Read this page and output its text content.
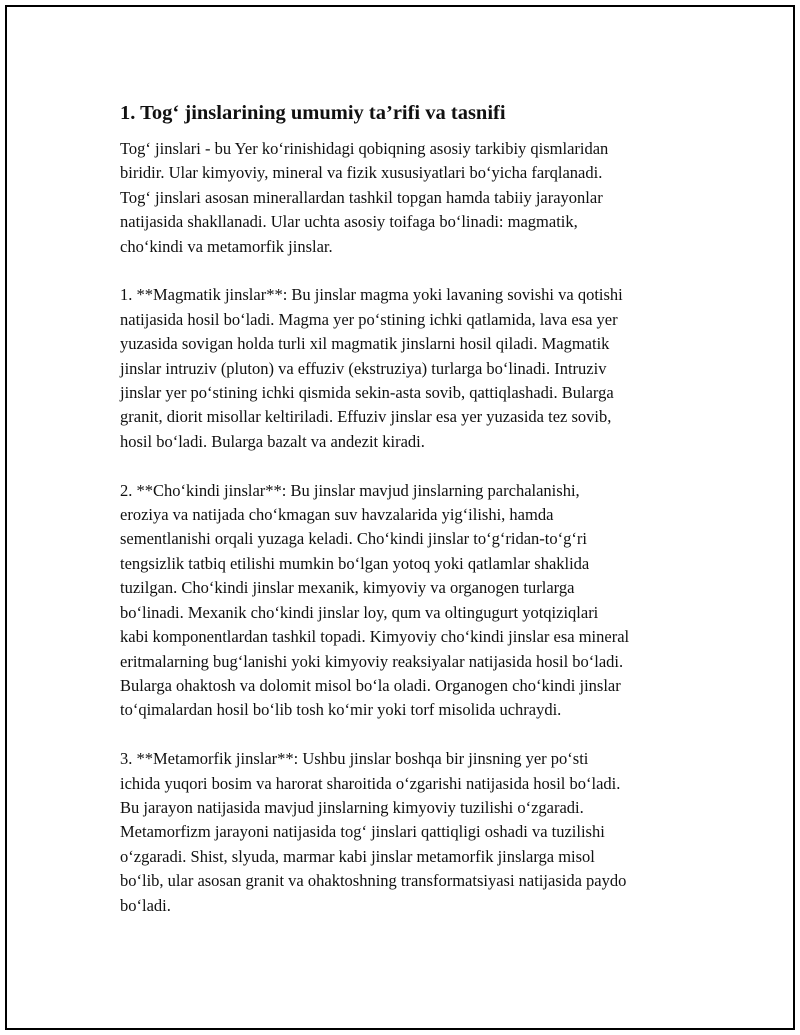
1. Tog‘ jinslarining umumiy ta’rifi va tasnifi

Tog‘ jinslari - bu Yer ko‘rinishidagi qobiqning asosiy tarkibiy qismlaridan
biridir. Ular kimyoviy, mineral va fizik xususiyatlari bo‘yicha farqlanadi.
Tog‘ jinslari asosan minerallardan tashkil topgan hamda tabiiy jarayonlar
natijasida shakllanadi. Ular uchta asosiy toifaga bo‘linadi: magmatik,
cho‘kindi va metamorfik jinslar.

1. **Magmatik jinslar**: Bu jinslar magma yoki lavaning sovishi va qotishi
natijasida hosil bo‘ladi. Magma yer po‘stining ichki qatlamida, lava esa yer
yuzasida sovigan holda turli xil magmatik jinslarni hosil qiladi. Magmatik
jinslar intruziv (pluton) va effuziv (ekstruziya) turlarga bo‘linadi. Intruziv
jinslar yer po‘stining ichki qismida sekin-asta sovib, qattiqlashadi. Bularga
granit, diorit misollar keltiriladi. Effuziv jinslar esa yer yuzasida tez sovib,
hosil bo‘ladi. Bularga bazalt va andezit kiradi.

2. **Cho‘kindi jinslar**: Bu jinslar mavjud jinslarning parchalanishi,
eroziya va natijada cho‘kmagan suv havzalarida yig‘ilishi, hamda
sementlanishi orqali yuzaga keladi. Cho‘kindi jinslar to‘g‘ridan-to‘g‘ri
tengsizlik tatbiq etilishi mumkin bo‘lgan yotoq yoki qatlamlar shaklida
tuzilgan. Cho‘kindi jinslar mexanik, kimyoviy va organogen turlarga
bo‘linadi. Mexanik cho‘kindi jinslar loy, qum va oltingugurt yotqiziqlari
kabi komponentlardan tashkil topadi. Kimyoviy cho‘kindi jinslar esa mineral
eritmalarning bug‘lanishi yoki kimyoviy reaksiyalar natijasida hosil bo‘ladi.
Bularga ohaktosh va dolomit misol bo‘la oladi. Organogen cho‘kindi jinslar
to‘qimalardan hosil bo‘lib tosh ko‘mir yoki torf misolida uchraydi.

3. **Metamorfik jinslar**: Ushbu jinslar boshqa bir jinsning yer po‘sti
ichida yuqori bosim va harorat sharoitida o‘zgarishi natijasida hosil bo‘ladi.
Bu jarayon natijasida mavjud jinslarning kimyoviy tuzilishi o‘zgaradi.
Metamorfizm jarayoni natijasida tog‘ jinslari qattiqligi oshadi va tuzilishi
o‘zgaradi. Shist, slyuda, marmar kabi jinslar metamorfik jinslarga misol
bo‘lib, ular asosan granit va ohaktoshning transformatsiyasi natijasida paydo
bo‘ladi.
